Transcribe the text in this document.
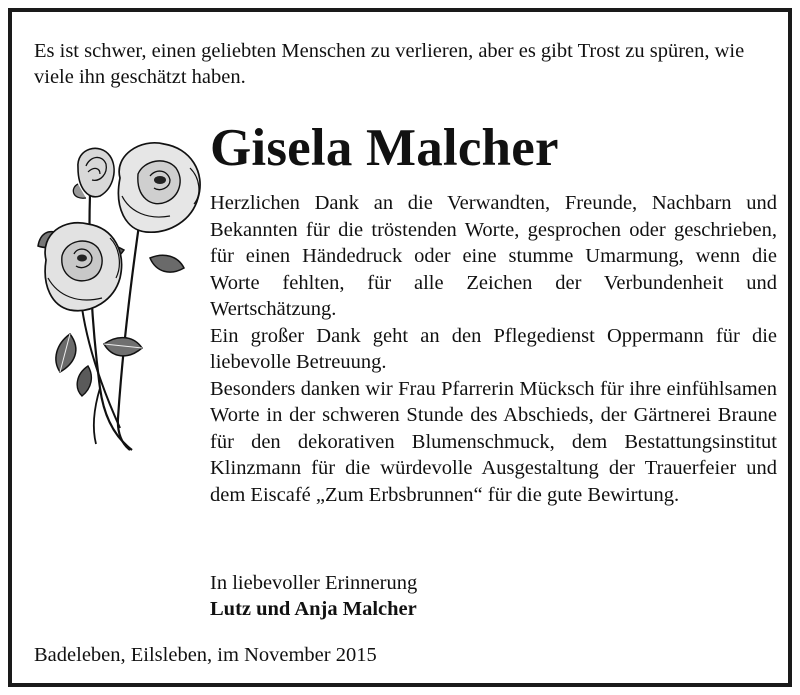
Es ist schwer, einen geliebten Menschen zu verlieren, aber es gibt Trost zu spüren, wie viele ihn geschätzt haben.

Gisela Malcher

Herzlichen Dank an die Verwandten, Freunde, Nachbarn und Bekannten für die tröstenden Worte, gesprochen oder geschrieben, für einen Händedruck oder eine stumme Umarmung, wenn die Worte fehlten, für alle Zeichen der Verbundenheit und Wertschätzung.

Ein großer Dank geht an den Pflegedienst Oppermann für die liebevolle Betreuung.

Besonders danken wir Frau Pfarrerin Mücksch für ihre einfühlsamen Worte in der schweren Stunde des Abschieds, der Gärtnerei Braune für den dekorativen Blumenschmuck, dem Bestattungsinstitut Klinzmann für die würdevolle Ausgestaltung der Trauerfeier und dem Eiscafé „Zum Erbsbrunnen“ für die gute Bewirtung.

In liebevoller Erinnerung

Lutz und Anja Malcher

Badeleben, Eilsleben, im November 2015
